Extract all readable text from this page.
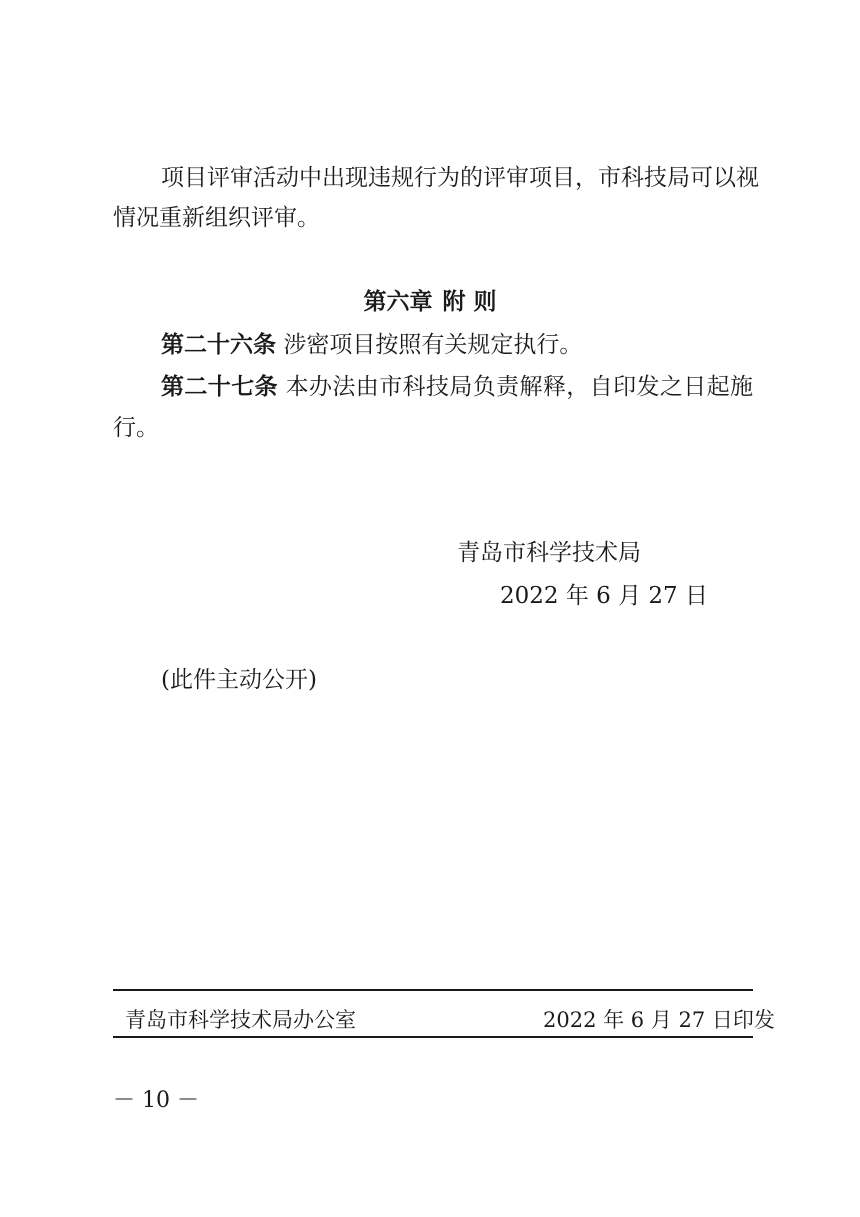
项目评审活动中出现违规行为的评审项目，市科技局可以视
情况重新组织评审。
第六章 附 则
第二十六条 涉密项目按照有关规定执行。
第二十七条 本办法由市科技局负责解释，自印发之日起施
行。
青岛市科学技术局
2022 年 6 月 27 日
(此件主动公开)
青岛市科学技术局办公室	2022 年 6 月 27 日印发
－ 10 －
